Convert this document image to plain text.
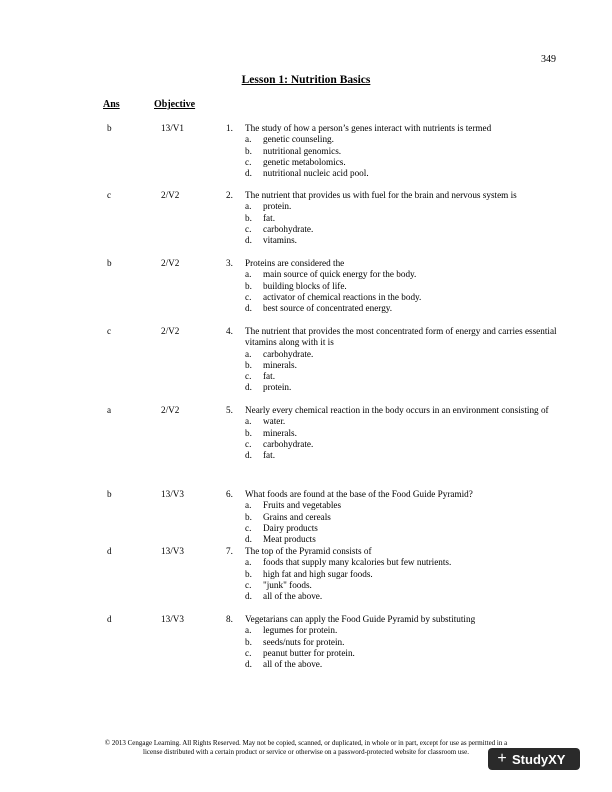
349
Lesson 1: Nutrition Basics
Ans	Objective
b	13/V1	1. The study of how a person’s genes interact with nutrients is termed
a.	genetic counseling.
b.	nutritional genomics.
c.	genetic metabolomics.
d.	nutritional nucleic acid pool.
c	2/V2	2. The nutrient that provides us with fuel for the brain and nervous system is
a.	protein.
b.	fat.
c.	carbohydrate.
d.	vitamins.
b	2/V2	3. Proteins are considered the
a.	main source of quick energy for the body.
b.	building blocks of life.
c.	activator of chemical reactions in the body.
d.	best source of concentrated energy.
c	2/V2	4. The nutrient that provides the most concentrated form of energy and carries essential vitamins along with it is
a.	carbohydrate.
b.	minerals.
c.	fat.
d.	protein.
a	2/V2	5. Nearly every chemical reaction in the body occurs in an environment consisting of
a.	water.
b.	minerals.
c.	carbohydrate.
d.	fat.
b	13/V3	6. What foods are found at the base of the Food Guide Pyramid?
a.	Fruits and vegetables
b.	Grains and cereals
c.	Dairy products
d.	Meat products
d	13/V3	7. The top of the Pyramid consists of
a.	foods that supply many kcalories but few nutrients.
b.	high fat and high sugar foods.
c.	"junk" foods.
d.	all of the above.
d	13/V3	8. Vegetarians can apply the Food Guide Pyramid by substituting
a.	legumes for protein.
b.	seeds/nuts for protein.
c.	peanut butter for protein.
d.	all of the above.
© 2013 Cengage Learning. All Rights Reserved. May not be copied, scanned, or duplicated, in whole or in part, except for use as permitted in a
license distributed with a certain product or service or otherwise on a password-protected website for classroom use.	+ StudyXY
